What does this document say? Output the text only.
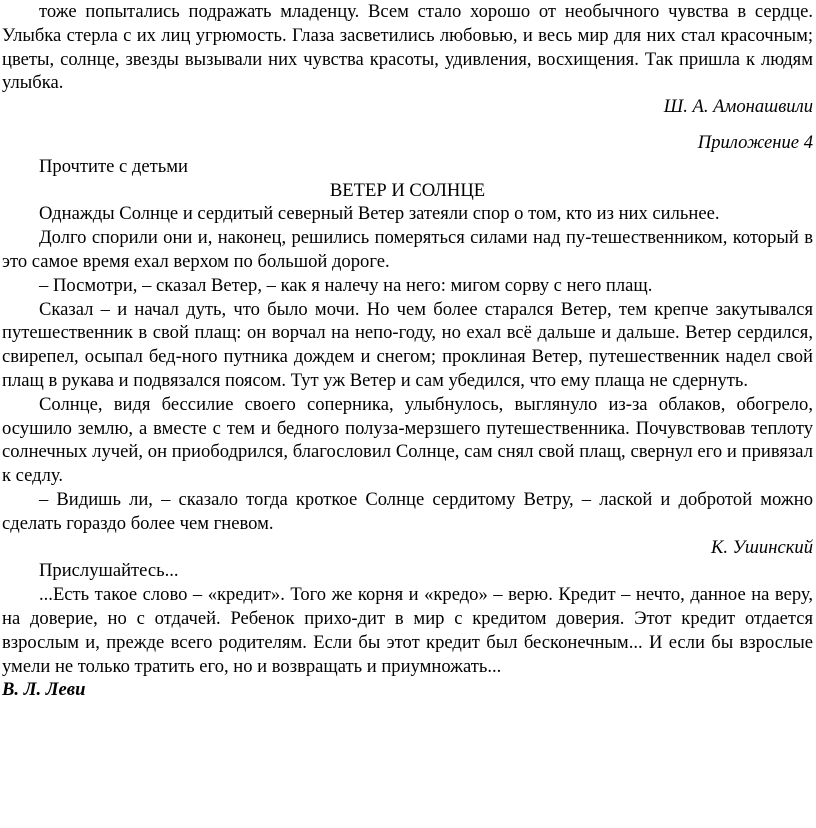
тоже попытались подражать младенцу. Всем стало хорошо от необычного чувства в сердце. Улыбка стерла с их лиц угрюмость. Глаза засветились любовью, и весь мир для них стал красочным; цветы, солнце, звезды вызывали них чувства красоты, удивления, восхищения. Так пришла к людям улыбка.

Ш. А. Амонашвили

Приложение 4

Прочтите с детьми

ВЕТЕР И СОЛНЦЕ

Однажды Солнце и сердитый северный Ветер затеяли спор о том, кто из них сильнее.

Долго спорили они и, наконец, решились померяться силами над пу-тешественником, который в это самое время ехал верхом по большой дороге.

– Посмотри, – сказал Ветер, – как я налечу на него: мигом сорву с него плащ.

Сказал – и начал дуть, что было мочи. Но чем более старался Ветер, тем крепче закутывался путешественник в свой плащ: он ворчал на непо-году, но ехал всё дальше и дальше. Ветер сердился, свирепел, осыпал бед-ного путника дождем и снегом; проклиная Ветер, путешественник надел свой плащ в рукава и подвязался поясом. Тут уж Ветер и сам убедился, что ему плаща не сдернуть.

Солнце, видя бессилие своего соперника, улыбнулось, выглянуло из-за облаков, обогрело, осушило землю, а вместе с тем и бедного полуза-мерзшего путешественника. Почувствовав теплоту солнечных лучей, он приободрился, благословил Солнце, сам снял свой плащ, свернул его и привязал к седлу.

– Видишь ли, – сказало тогда кроткое Солнце сердитому Ветру, – лаской и добротой можно сделать гораздо более чем гневом.

К. Ушинский

Прислушайтесь...

...Есть такое слово – «кредит». Того же корня и «кредо» – верю. Кредит – нечто, данное на веру, на доверие, но с отдачей. Ребенок прихо-дит в мир с кредитом доверия. Этот кредит отдается взрослым и, прежде всего родителям. Если бы этот кредит был бесконечным... И если бы взрослые умели не только тратить его, но и возвращать и приумножать...

В. Л. Леви
